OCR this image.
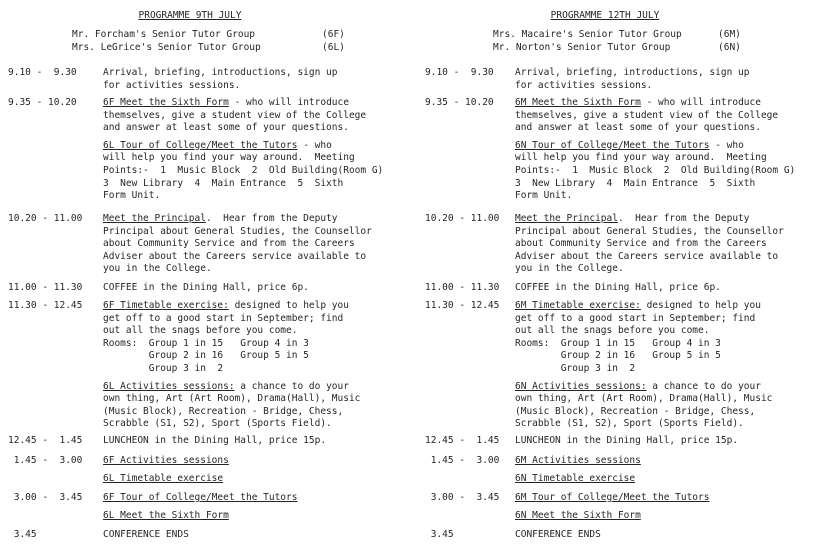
PROGRAMME 9TH JULY
Mr. Forcham's Senior Tutor Group	(6F)
Mrs. LeGrice's Senior Tutor Group	(6L)
9.10 -  9.30	Arrival, briefing, introductions, sign up
for activities sessions.
9.35 - 10.20	6F Meet the Sixth Form - who will introduce
themselves, give a student view of the College
and answer at least some of your questions.
6L Tour of College/Meet the Tutors - who
will help you find your way around.  Meeting
Points:-  1  Music Block  2  Old Building(Room G)
3  New Library  4  Main Entrance  5  Sixth
Form Unit.
10.20 - 11.00 Meet the Principal.  Hear from the Deputy
Principal about General Studies, the Counsellor
about Community Service and from the Careers
Adviser about the Careers service available to
you in the College.
11.00 - 11.30 COFFEE in the Dining Hall, price 6p.
11.30 - 12.45 6F Timetable exercise: designed to help you
get off to a good start in September; find
out all the snags before you come.
Rooms:  Group 1 in 15   Group 4 in 3
Group 2 in 16   Group 5 in 5
Group 3 in  2
6L Activities sessions: a chance to do your
own thing, Art (Art Room), Drama(Hall), Music
(Music Block), Recreation - Bridge, Chess,
Scrabble (S1, S2), Sport (Sports Field).
12.45 -  1.45 LUNCHEON in the Dining Hall, price 15p.
1.45 -  3.00 6F Activities sessions
6L Timetable exercise
3.00 -  3.45 6F Tour of College/Meet the Tutors
6L Meet the Sixth Form
3.45	CONFERENCE ENDS
PROGRAMME 12TH JULY
Mrs. Macaire's Senior Tutor Group	(6M)
Mr. Norton's Senior Tutor Group	(6N)
9.10 -  9.30 Arrival, briefing, introductions, sign up
for activities sessions.
9.35 - 10.20 6M Meet the Sixth Form - who will introduce
themselves, give a student view of the College
and answer at least some of your questions.
6N Tour of College/Meet the Tutors - who
will help you find your way around.  Meeting
Points:-  1  Music Block  2  Old Building(Room G)
3  New Library  4  Main Entrance  5  Sixth
Form Unit.
10.20 - 11.00 Meet the Principal.  Hear from the Deputy
Principal about General Studies, the Counsellor
about Community Service and from the Careers
Adviser about the Careers service available to
you in the College.
11.00 - 11.30 COFFEE in the Dining Hall, price 6p.
11.30 - 12.45 6M Timetable exercise: designed to help you
get off to a good start in September; find
out all the snags before you come.
Rooms:  Group 1 in 15   Group 4 in 3
Group 2 in 16   Group 5 in 5
Group 3 in  2
6N Activities sessions: a chance to do your
own thing, Art (Art Room), Drama(Hall), Music
(Music Block), Recreation - Bridge, Chess,
Scrabble (S1, S2), Sport (Sports Field).
12.45 -  1.45 LUNCHEON in the Dining Hall, price 15p.
1.45 -  3.00 6M Activities sessions
6N Timetable exercise
3.00 -  3.45 6M Tour of College/Meet the Tutors
6N Meet the Sixth Form
3.45	CONFERENCE ENDS
